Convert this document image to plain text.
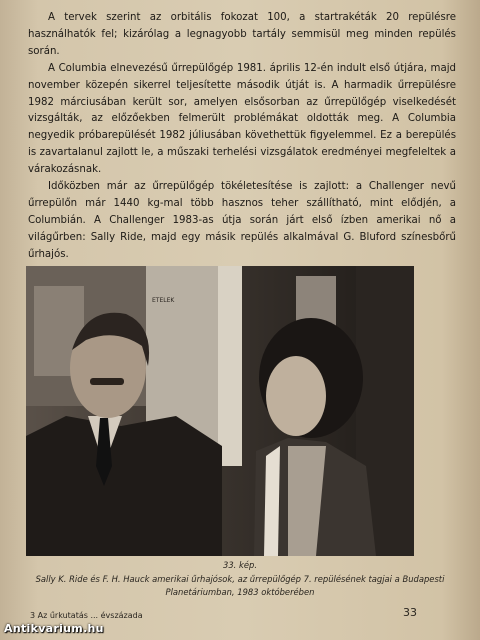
A tervek szerint az orbitális fokozat 100, a startrakéták 20 repülésre használhatók fel; kizárólag a legnagyobb tartály semmisül meg minden repülés során.

A Columbia elnevezésű űrrepülőgép 1981. április 12-én indult első útjára, majd november közepén sikerrel teljesítette második útját is. A harmadik űrrepülésre 1982 márciusában került sor, amelyen elsősorban az űrrepülőgép viselkedését vizsgálták, az előzőekben felmerült problémákat oldották meg. A Columbia negyedik próbarepülését 1982 júliusában követhettük figyelemmel. Ez a berepülés is zavartalanul zajlott le, a műszaki terhelési vizsgálatok eredményei megfeleltek a várakozásnak.

Időközben már az űrrepülőgép tökéletesítése is zajlott: a Challenger nevű űrrepülőn már 1440 kg-mal több hasznos teher szállítható, mint elődjén, a Columbián. A Challenger 1983-as útja során járt első ízben amerikai nő a világűrben: Sally Ride, majd egy másik repülés alkalmával G. Bluford színesbőrű űrhajós.

ETELEK
33. kép.
Sally K. Ride és F. H. Hauck amerikai űrhajósok, az űrrepülőgép 7. repülésének tagjai a Budapesti Planetáriumban, 1983 októberében
3 Az űrkutatás ... évszázada	33
Antikvarium.hu
